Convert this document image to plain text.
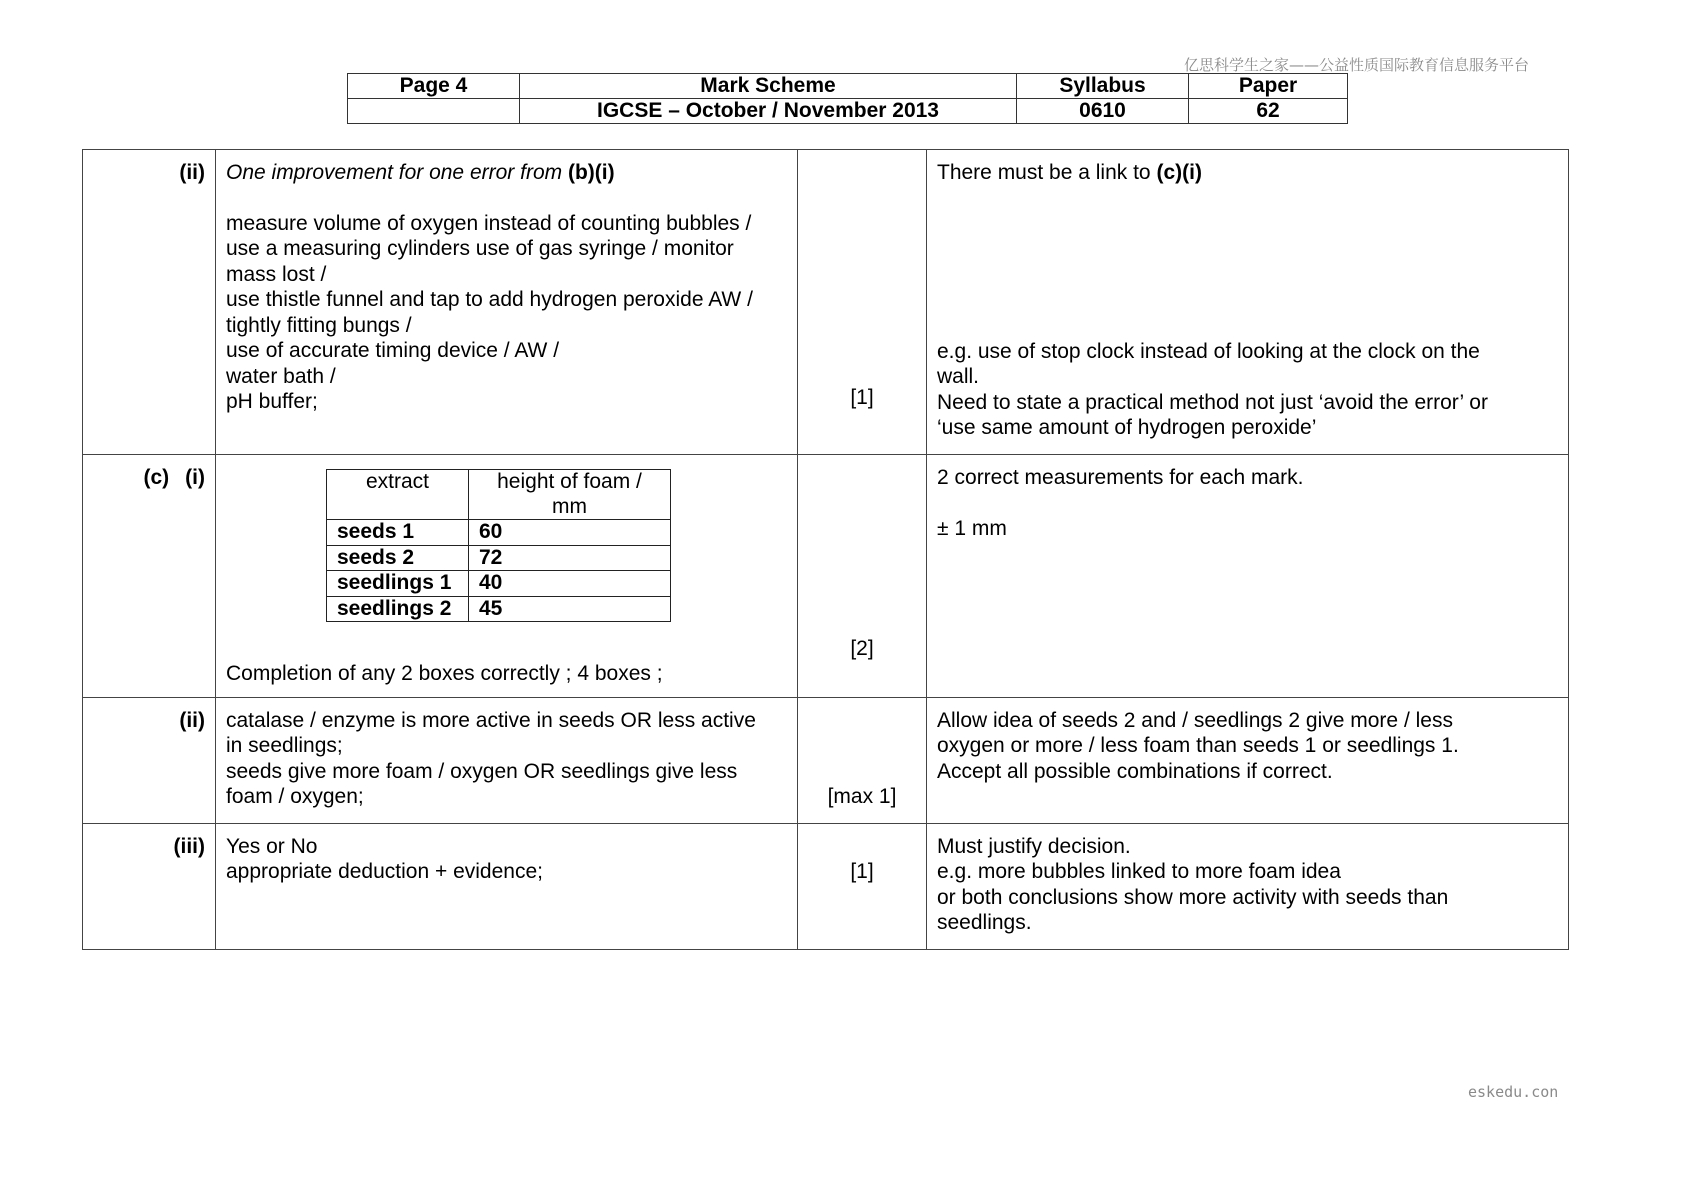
亿思科学生之家——公益性质国际教育信息服务平台
Page 4	Mark Scheme	Syllabus	Paper
	IGCSE – October / November 2013	0610	62
(ii)	One improvement for one error from (b)(i)
measure volume of oxygen instead of counting bubbles /
use a measuring cylinders use of gas syringe / monitor
mass lost /
use thistle funnel and tap to add hydrogen peroxide AW /
tightly fitting bungs /
use of accurate timing device / AW /
water bath /
pH buffer;	[1]

There must be a link to (c)(i)
e.g. use of stop clock instead of looking at the clock on the
wall.
Need to state a practical method not just ‘avoid the error’ or
‘use same amount of hydrogen peroxide’

(c) (i)		extract	height of foam / mm
seeds 1	60
seeds 2	72
seedlings 1	40
seedlings 2	45
Completion of any 2 boxes correctly ; 4 boxes ;

[2]

2 correct measurements for each mark.
± 1 mm

(ii)	catalase / enzyme is more active in seeds OR less active
in seedlings;
seeds give more foam / oxygen OR seedlings give less
foam / oxygen;	[max 1]

Allow idea of seeds 2 and / seedlings 2 give more / less
oxygen or more / less foam than seeds 1 or seedlings 1.
Accept all possible combinations if correct.

(iii)	Yes or No
appropriate deduction + evidence;	[1]

Must justify decision.
e.g. more bubbles linked to more foam idea
or both conclusions show more activity with seeds than
seedlings.
eskedu.con
